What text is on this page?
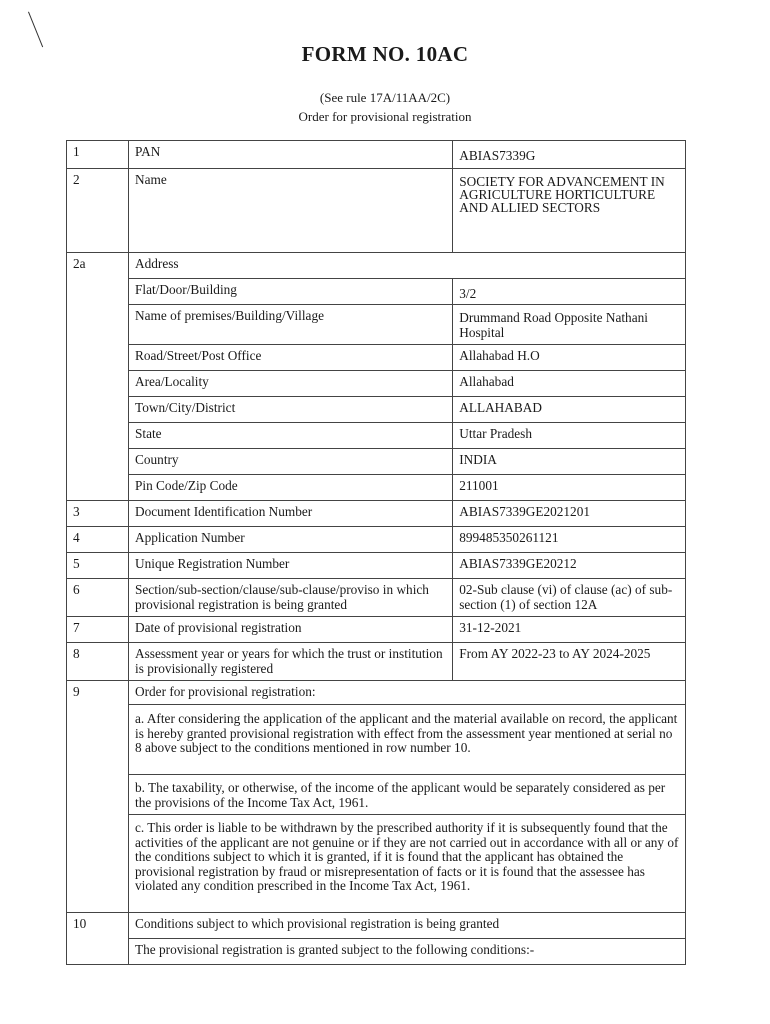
FORM NO. 10AC
(See rule 17A/11AA/2C)
Order for provisional registration
1	PAN	ABIAS7339G
2	Name	SOCIETY FOR ADVANCEMENT IN AGRICULTURE HORTICULTURE AND ALLIED SECTORS
2a	Address	
	Flat/Door/Building	3/2
	Name of premises/Building/Village	Drummand Road Opposite Nathani Hospital
	Road/Street/Post Office	Allahabad H.O
	Area/Locality	Allahabad
	Town/City/District	ALLAHABAD
	State	Uttar Pradesh
	Country	INDIA
	Pin Code/Zip Code	211001
3	Document Identification Number	ABIAS7339GE2021201
4	Application Number	899485350261121
5	Unique Registration Number	ABIAS7339GE20212
6	Section/sub-section/clause/sub-clause/proviso in which provisional registration is being granted	02-Sub clause (vi) of clause (ac) of sub-section (1) of section 12A
7	Date of provisional registration	31-12-2021
8	Assessment year or years for which the trust or institution is provisionally registered	From AY 2022-23 to AY 2024-2025
9	Order for provisional registration:	
	a. After considering the application of the applicant and the material available on record, the applicant is hereby granted provisional registration with effect from the assessment year mentioned at serial no 8 above subject to the conditions mentioned in row number 10.	
	b. The taxability, or otherwise, of the income of the applicant would be separately considered as per the provisions of the Income Tax Act, 1961.	
	c. This order is liable to be withdrawn by the prescribed authority if it is subsequently found that the activities of the applicant are not genuine or if they are not carried out in accordance with all or any of the conditions subject to which it is granted, if it is found that the applicant has obtained the provisional registration by fraud or misrepresentation of facts or it is found that the assessee has violated any condition prescribed in the Income Tax Act, 1961.	
10	Conditions subject to which provisional registration is being granted	
	The provisional registration is granted subject to the following conditions:-	
